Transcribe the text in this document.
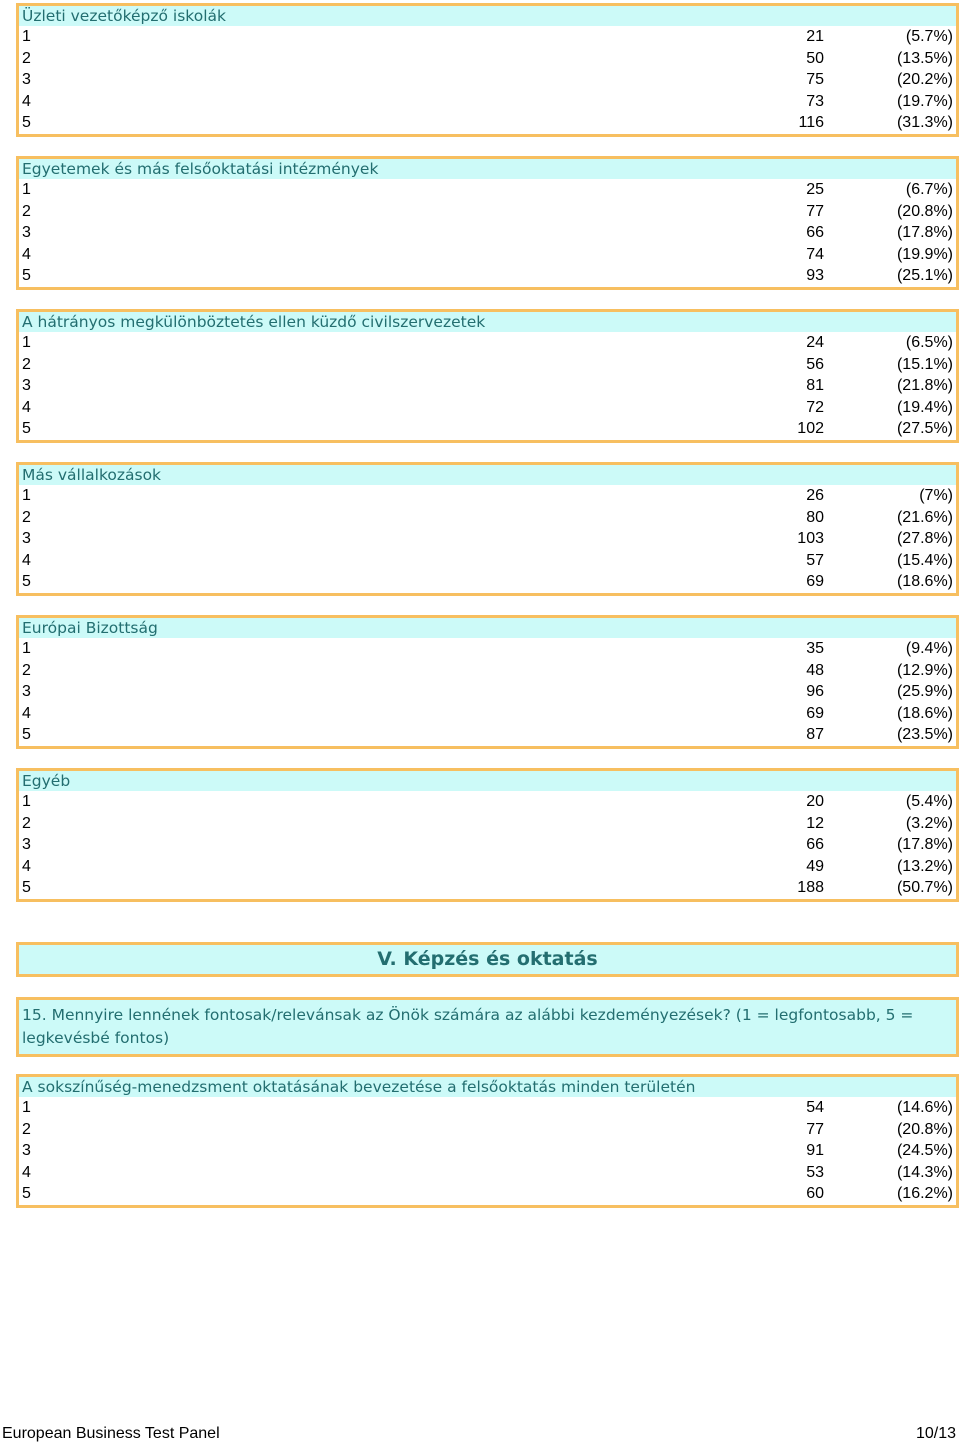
Üzleti vezetőképző iskolák
1	21	(5.7%)
2	50	(13.5%)
3	75	(20.2%)
4	73	(19.7%)
5	116	(31.3%)
Egyetemek és más felsőoktatási intézmények
1	25	(6.7%)
2	77	(20.8%)
3	66	(17.8%)
4	74	(19.9%)
5	93	(25.1%)
A hátrányos megkülönböztetés ellen küzdő civilszervezetek
1	24	(6.5%)
2	56	(15.1%)
3	81	(21.8%)
4	72	(19.4%)
5	102	(27.5%)
Más vállalkozások
1	26	(7%)
2	80	(21.6%)
3	103	(27.8%)
4	57	(15.4%)
5	69	(18.6%)
Európai Bizottság
1	35	(9.4%)
2	48	(12.9%)
3	96	(25.9%)
4	69	(18.6%)
5	87	(23.5%)
Egyéb
1	20	(5.4%)
2	12	(3.2%)
3	66	(17.8%)
4	49	(13.2%)
5	188	(50.7%)
V. Képzés és oktatás
15. Mennyire lennének fontosak/relevánsak az Önök számára az alábbi kezdeményezések? (1 = legfontosabb, 5 = legkevésbé fontos)
A sokszínűség-menedzsment oktatásának bevezetése a felsőoktatás minden területén
1	54	(14.6%)
2	77	(20.8%)
3	91	(24.5%)
4	53	(14.3%)
5	60	(16.2%)
European Business Test Panel	10/13
